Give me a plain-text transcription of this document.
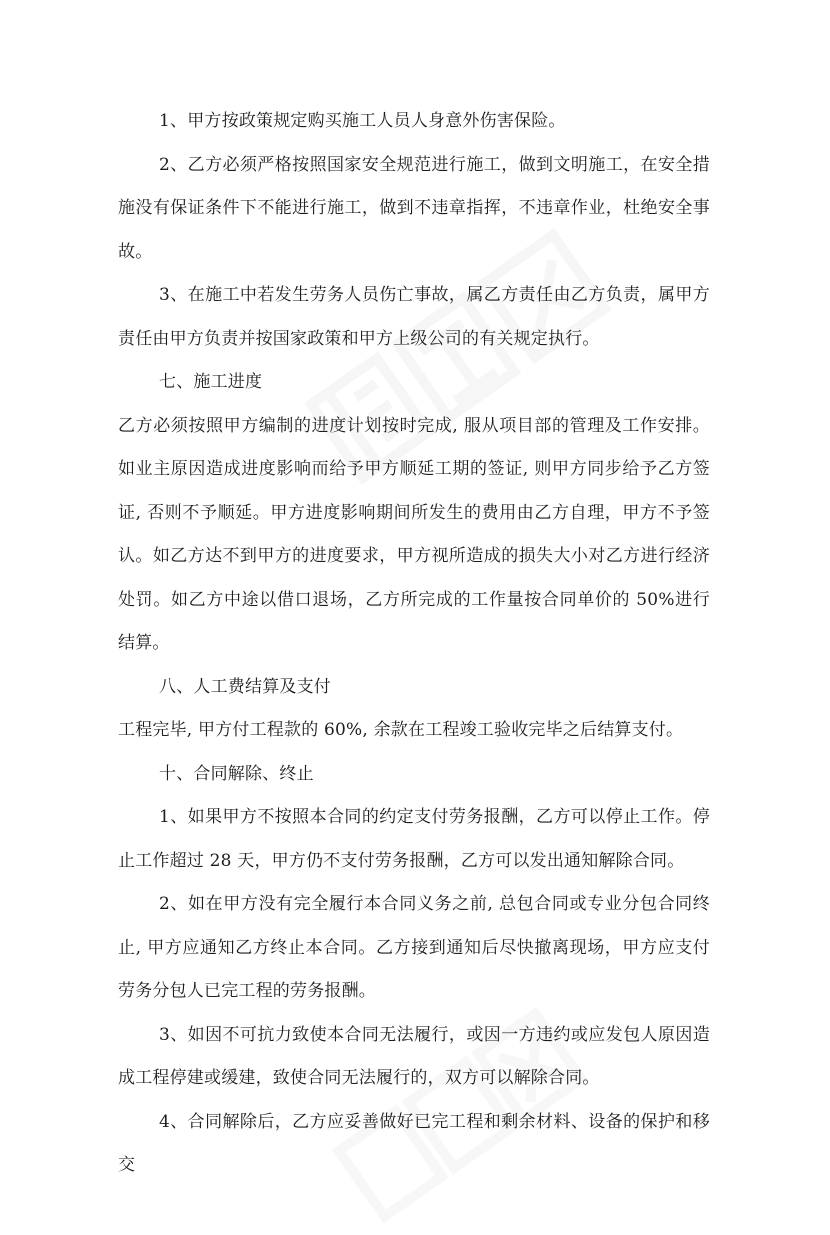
1、甲方按政策规定购买施工人员人身意外伤害保险。

2、乙方必须严格按照国家安全规范进行施工，做到文明施工，在安全措施没有保证条件下不能进行施工，做到不违章指挥，不违章作业，杜绝安全事故。

3、在施工中若发生劳务人员伤亡事故，属乙方责任由乙方负责，属甲方责任由甲方负责并按国家政策和甲方上级公司的有关规定执行。

七、施工进度

乙方必须按照甲方编制的进度计划按时完成, 服从项目部的管理及工作安排。如业主原因造成进度影响而给予甲方顺延工期的签证, 则甲方同步给予乙方签证, 否则不予顺延。甲方进度影响期间所发生的费用由乙方自理，甲方不予签认。如乙方达不到甲方的进度要求，甲方视所造成的损失大小对乙方进行经济处罚。如乙方中途以借口退场，乙方所完成的工作量按合同单价的 50%进行结算。

八、人工费结算及支付

工程完毕, 甲方付工程款的 60%, 余款在工程竣工验收完毕之后结算支付。

十、合同解除、终止

1、如果甲方不按照本合同的约定支付劳务报酬，乙方可以停止工作。停止工作超过 28 天，甲方仍不支付劳务报酬，乙方可以发出通知解除合同。

2、如在甲方没有完全履行本合同义务之前, 总包合同或专业分包合同终止, 甲方应通知乙方终止本合同。乙方接到通知后尽快撤离现场，甲方应支付劳务分包人已完工程的劳务报酬。

3、如因不可抗力致使本合同无法履行，或因一方违约或应发包人原因造成工程停建或缓建，致使合同无法履行的，双方可以解除合同。

4、合同解除后，乙方应妥善做好已完工程和剩余材料、设备的保护和移交
